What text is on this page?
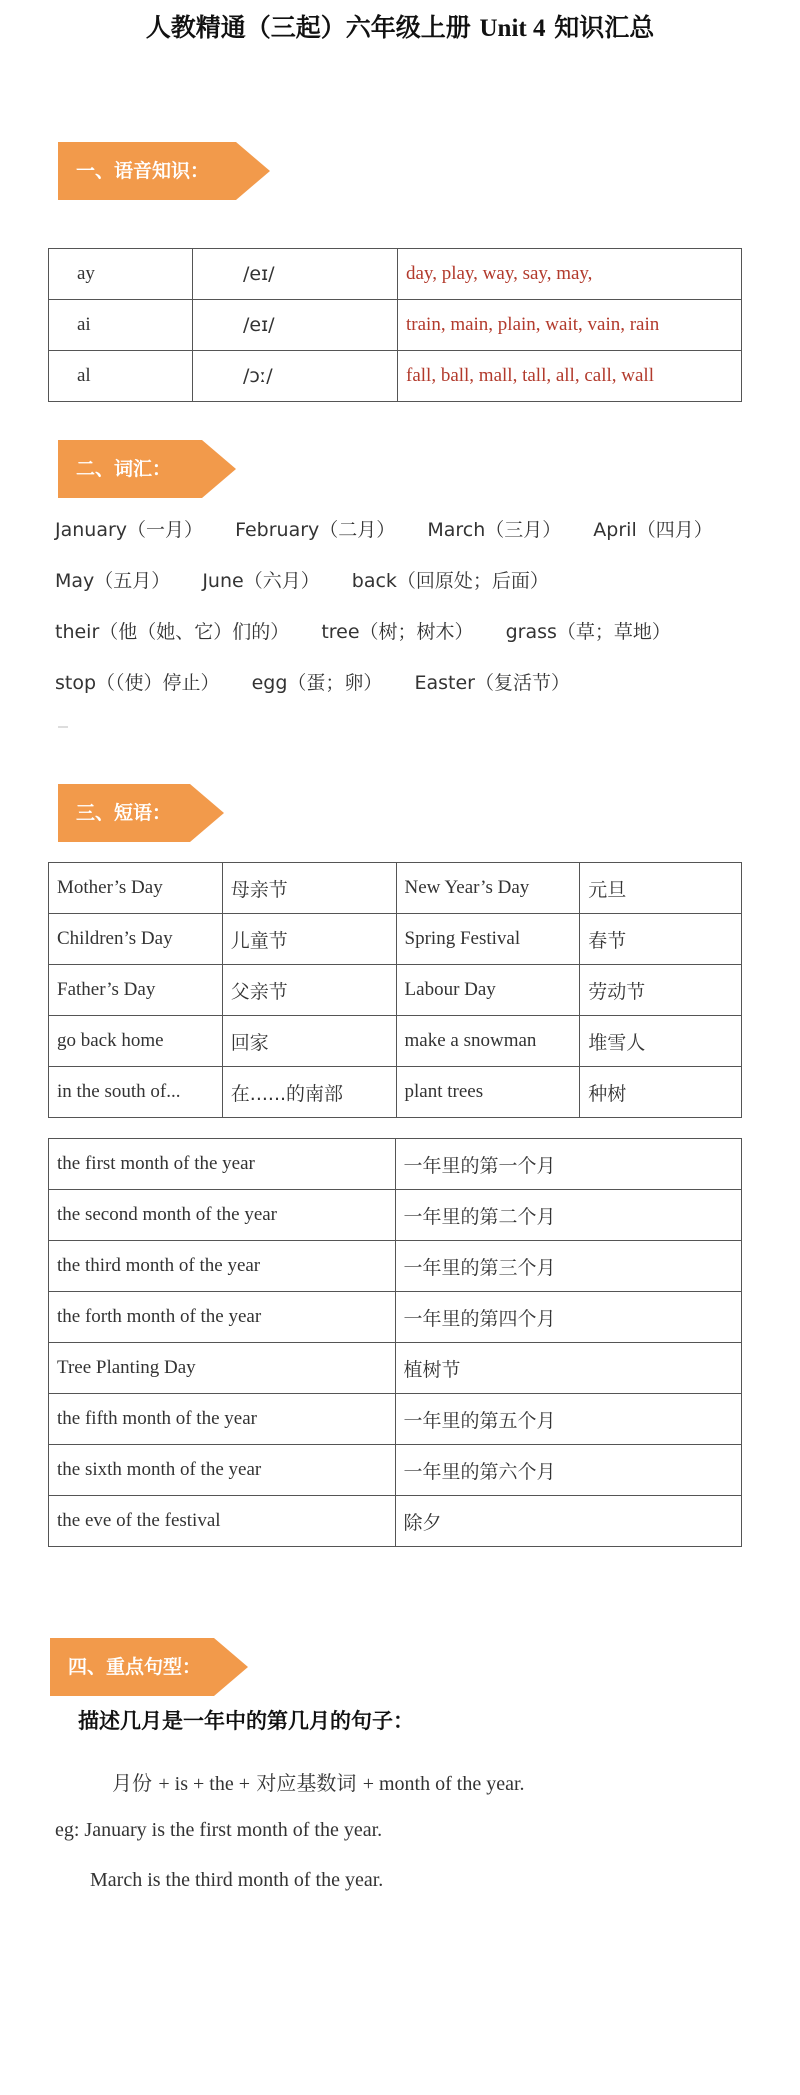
人教精通（三起）六年级上册 Unit 4 知识汇总
一、语音知识：
ay	/eɪ/	day, play, way, say, may,
ai	/eɪ/	train, main, plain, wait, vain, rain
al	/ɔː/	fall, ball, mall, tall, all, call, wall
二、词汇：
January（一月） February（二月） March（三月） April（四月） May（五月） June（六月） back（回原处；后面） their（他（她、它）们的） tree（树；树木） grass（草；草地） stop（（使）停止） egg（蛋；卵） Easter（复活节）
三、短语：
Mother’s Day	母亲节	New Year’s Day	元旦
Children’s Day	儿童节	Spring Festival	春节
Father’s Day	父亲节	Labour Day	劳动节
go back home	回家	make a snowman	堆雪人
in the south of...	在......的南部	plant trees	种树
the first month of the year	一年里的第一个月
the second month of the year	一年里的第二个月
the third month of the year	一年里的第三个月
the forth month of the year	一年里的第四个月
Tree Planting Day	植树节
the fifth month of the year	一年里的第五个月
the sixth month of the year	一年里的第六个月
the eve of the festival	除夕
四、重点句型：
描述几月是一年中的第几月的句子：
月份 + is + the + 对应基数词 + month of the year.
eg: January is the first month of the year.
March is the third month of the year.
